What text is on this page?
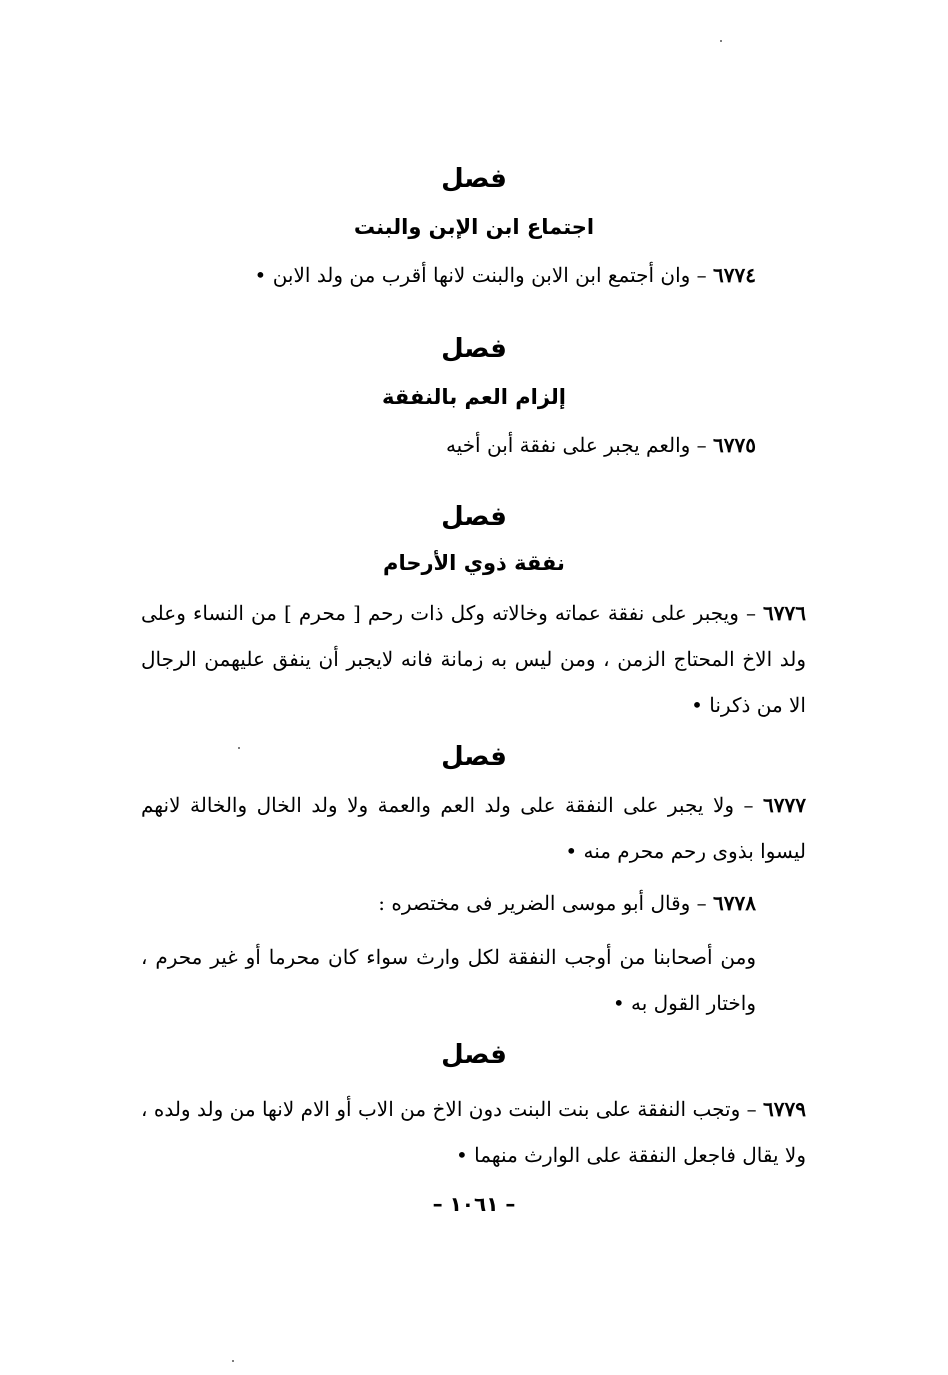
فصل
اجتماع ابن الإبن والبنت
٦٧٧٤ – وان أجتمع ابن الابن والبنت لانها أقرب من ولد الابن •
فصل
إلزام العم بالنفقة
٦٧٧٥ – والعم يجبر على نفقة أبن أخيه
فصل
نفقة ذوي الأرحام
٦٧٧٦ – ويجبر على نفقة عماته وخالاته وكل ذات رحم [ محرم ] من النساء وعلى ولد الاخ المحتاج الزمن ، ومن ليس به زمانة فانه لايجبر أن ينفق عليهمن الرجال الا من ذكرنا •
فصل
٦٧٧٧ – ولا يجبر على النفقة على ولد العم والعمة ولا ولد الخال والخالة لانهم ليسوا بذوى رحم محرم منه •
٦٧٧٨ – وقال أبو موسى الضرير فى مختصره :
ومن أصحابنا من أوجب النفقة لكل وارث سواء كان محرما أو غير محرم ، واختار القول به •
فصل
٦٧٧٩ – وتجب النفقة على بنت البنت دون الاخ من الاب أو الام لانها من ولد ولده ، ولا يقال فاجعل النفقة على الوارث منهما •
– ١٠٦١ –
